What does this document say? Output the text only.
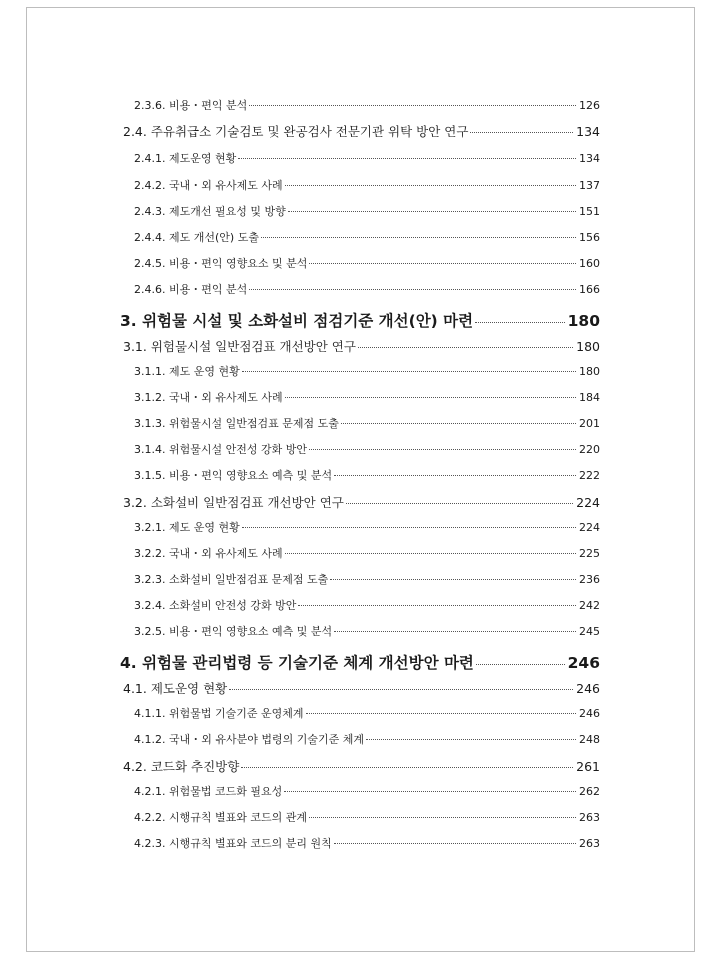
2.3.6. 비용・편익 분석	126
2.4. 주유취급소 기술검토 및 완공검사 전문기관 위탁 방안 연구	134
2.4.1. 제도운영 현황	134
2.4.2. 국내・외 유사제도 사례	137
2.4.3. 제도개선 필요성 및 방향	151
2.4.4. 제도 개선(안) 도출	156
2.4.5. 비용・편익 영향요소 및 분석	160
2.4.6. 비용・편익 분석	166
3. 위험물 시설 및 소화설비 점검기준 개선(안) 마련	180
3.1. 위험물시설 일반점검표 개선방안 연구	180
3.1.1. 제도 운영 현황	180
3.1.2. 국내・외 유사제도 사례	184
3.1.3. 위험물시설 일반점검표 문제점 도출	201
3.1.4. 위험물시설 안전성 강화 방안	220
3.1.5. 비용・편익 영향요소 예측 및 분석	222
3.2. 소화설비 일반점검표 개선방안 연구	224
3.2.1. 제도 운영 현황	224
3.2.2. 국내・외 유사제도 사례	225
3.2.3. 소화설비 일반점검표 문제점 도출	236
3.2.4. 소화설비 안전성 강화 방안	242
3.2.5. 비용・편익 영향요소 예측 및 분석	245
4. 위험물 관리법령 등 기술기준 체계 개선방안 마련	246
4.1. 제도운영 현황	246
4.1.1. 위험물법 기술기준 운영체계	246
4.1.2. 국내・외 유사분야 법령의 기술기준 체계	248
4.2. 코드화 추진방향	261
4.2.1. 위험물법 코드화 필요성	262
4.2.2. 시행규칙 별표와 코드의 관계	263
4.2.3. 시행규칙 별표와 코드의 분리 원칙	263
